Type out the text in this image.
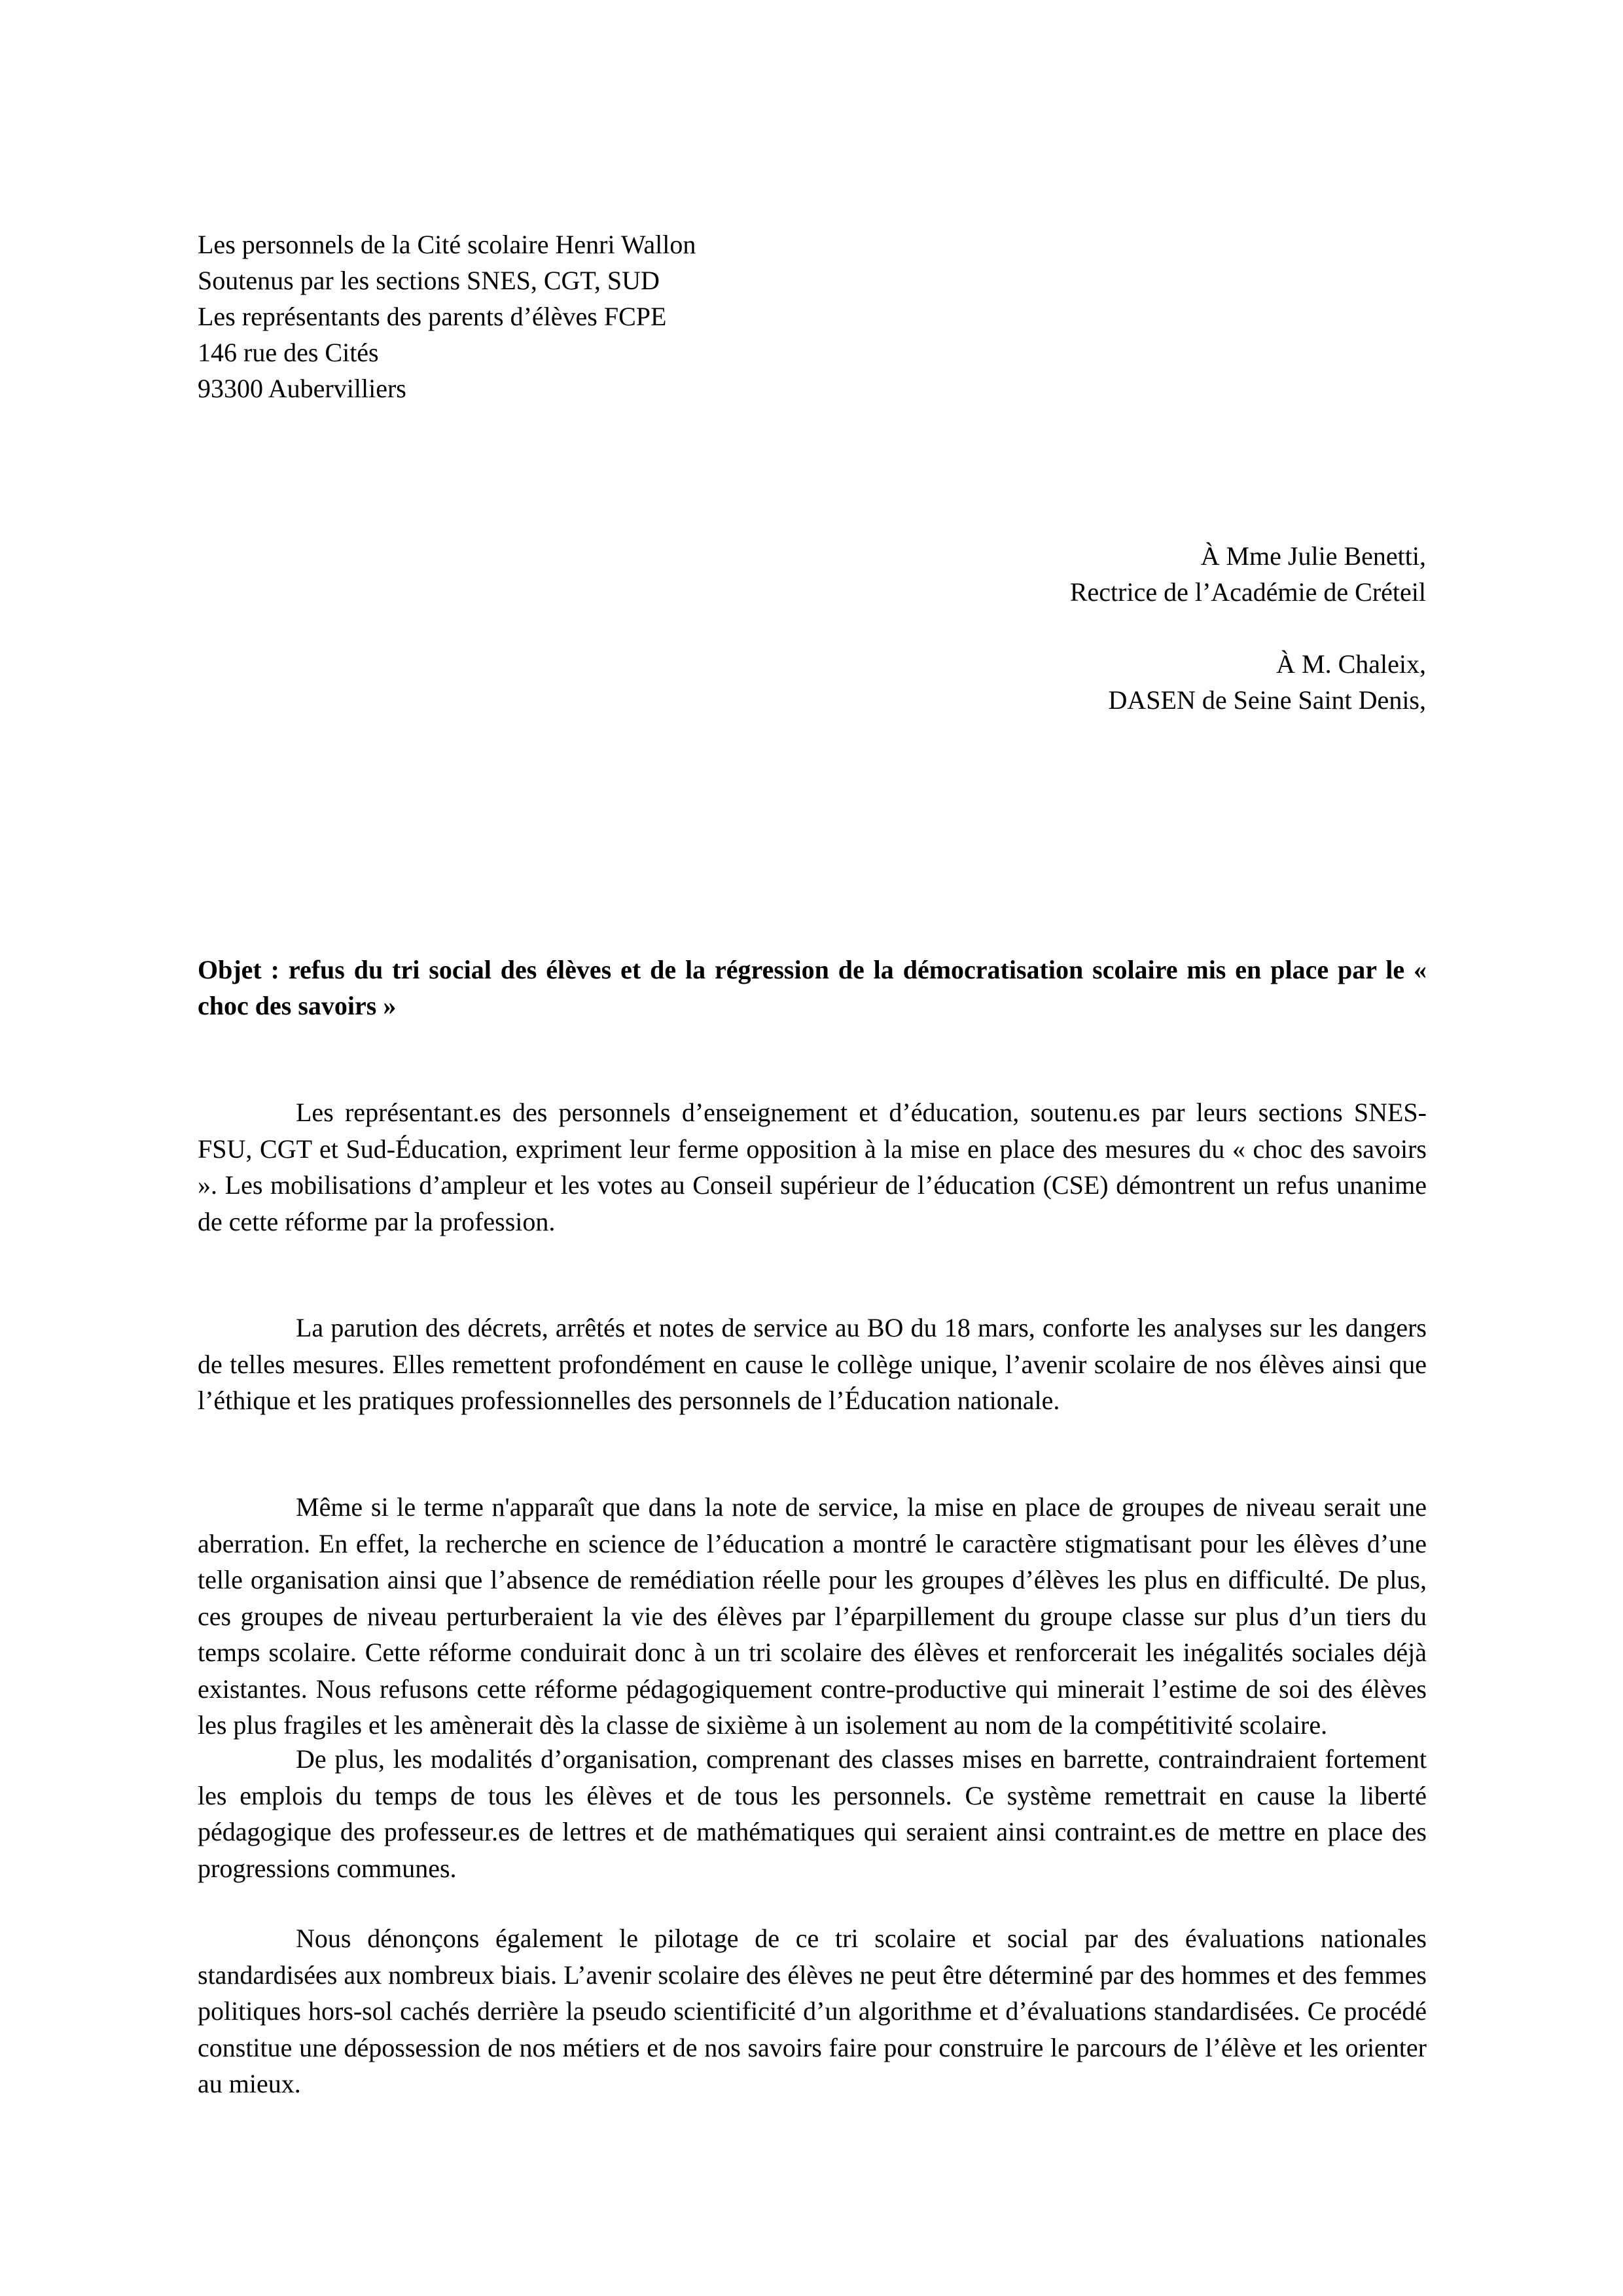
Les personnels de la Cité scolaire Henri Wallon
Soutenus par les sections SNES, CGT, SUD
Les représentants des parents d’élèves FCPE
146 rue des Cités
93300 Aubervilliers
À Mme Julie Benetti,
Rectrice de l’Académie de Créteil
À M. Chaleix,
DASEN de Seine Saint Denis,
Objet : refus du tri social des élèves et de la régression de la démocratisation scolaire mis en place par le « choc des savoirs »

Les représentant.es des personnels d’enseignement et d’éducation, soutenu.es par leurs sections SNES-FSU, CGT et Sud-Éducation, expriment leur ferme opposition à la mise en place des mesures du « choc des savoirs ». Les mobilisations d’ampleur et les votes au Conseil supérieur de l’éducation (CSE) démontrent un refus unanime de cette réforme par la profession.

La parution des décrets, arrêtés et notes de service au BO du 18 mars, conforte les analyses sur les dangers de telles mesures. Elles remettent profondément en cause le collège unique, l’avenir scolaire de nos élèves ainsi que l’éthique et les pratiques professionnelles des personnels de l’Éducation nationale.

Même si le terme n'apparaît que dans la note de service, la mise en place de groupes de niveau serait une aberration. En effet, la recherche en science de l’éducation a montré le caractère stigmatisant pour les élèves d’une telle organisation ainsi que l’absence de remédiation réelle pour les groupes d’élèves les plus en difficulté. De plus, ces groupes de niveau perturberaient la vie des élèves par l’éparpillement du groupe classe sur plus d’un tiers du temps scolaire. Cette réforme conduirait donc à un tri scolaire des élèves et renforcerait les inégalités sociales déjà existantes. Nous refusons cette réforme pédagogiquement contre-productive qui minerait l’estime de soi des élèves les plus fragiles et les amènerait dès la classe de sixième à un isolement au nom de la compétitivité scolaire.

De plus, les modalités d’organisation, comprenant des classes mises en barrette, contraindraient fortement les emplois du temps de tous les élèves et de tous les personnels. Ce système remettrait en cause la liberté pédagogique des professeur.es de lettres et de mathématiques qui seraient ainsi contraint.es de mettre en place des progressions communes.

Nous dénonçons également le pilotage de ce tri scolaire et social par des évaluations nationales standardisées aux nombreux biais. L’avenir scolaire des élèves ne peut être déterminé par des hommes et des femmes politiques hors-sol cachés derrière la pseudo scientificité d’un algorithme et d’évaluations standardisées. Ce procédé constitue une dépossession de nos métiers et de nos savoirs faire pour construire le parcours de l’élève et les orienter au mieux.
